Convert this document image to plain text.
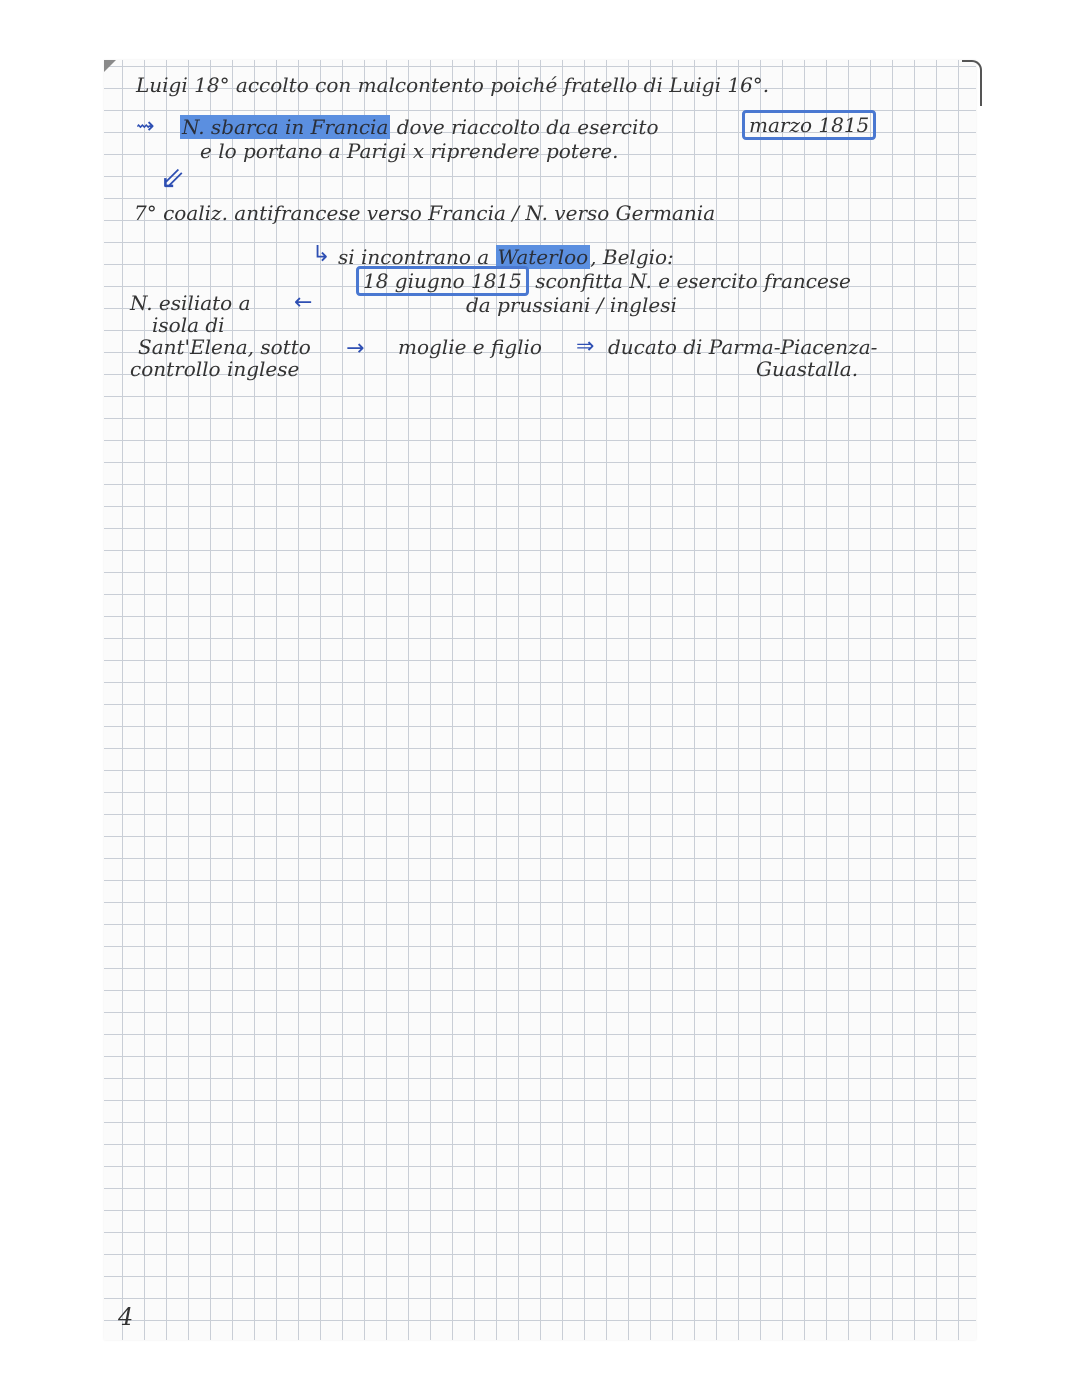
Luigi 18° accolto con malcontento poiché fratello di Luigi 16°.
⇝ N. sbarca in Francia dove riaccolto da esercito	marzo 1815
e lo portano a Parigi x riprendere potere.
⇙
7° coaliz. antifrancese verso Francia / N. verso Germania
↳ si incontrano a Waterloo , Belgio:
18 giugno 1815 sconfitta N. e esercito francese
da prussiani / inglesi
N. esiliato a ←
isola di
Sant'Elena, sotto
controllo inglese
→ moglie e figlio ⇒ ducato di Parma-Piacenza-
Guastalla.
4
